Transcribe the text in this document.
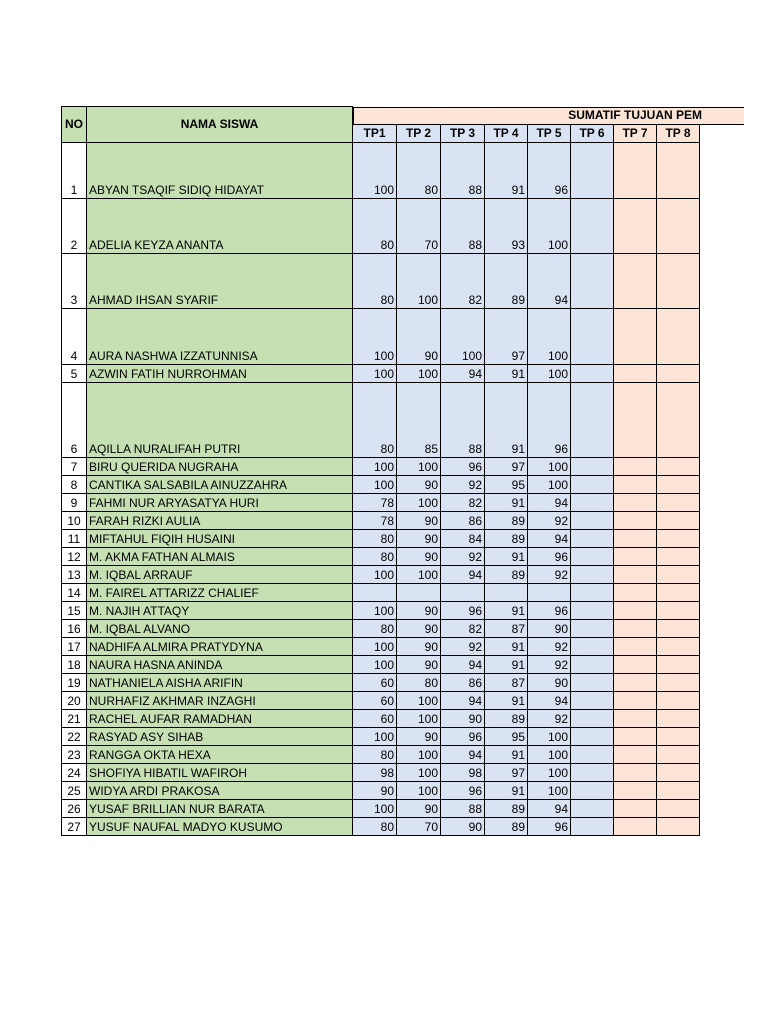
NO	NAMA SISWA
SUMATIF TUJUAN PEM
TP1	TP 2	TP 3	TP 4	TP 5	TP 6	TP 7	TP 8
1 ABYAN TSAQIF SIDIQ HIDAYAT	100	80	88	91	96
2 ADELIA KEYZA ANANTA	80	70	88	93	100
3 AHMAD IHSAN SYARIF	80	100	82	89	94
4 AURA NASHWA IZZATUNNISA	100	90	100	97	100
5 AZWIN FATIH NURROHMAN	100	100	94	91	100
6 AQILLA NURALIFAH PUTRI	80	85	88	91	96
7 BIRU QUERIDA NUGRAHA	100	100	96	97	100
8 CANTIKA SALSABILA AINUZZAHRA	100	90	92	95	100
9 FAHMI NUR ARYASATYA HURI	78	100	82	91	94
10 FARAH RIZKI AULIA	78	90	86	89	92
11 MIFTAHUL FIQIH HUSAINI	80	90	84	89	94
12 M. AKMA FATHAN ALMAIS	80	90	92	91	96
13 M. IQBAL ARRAUF	100	100	94	89	92
14 M. FAIREL ATTARIZZ CHALIEF
15 M. NAJIH ATTAQY	100	90	96	91	96
16 M. IQBAL ALVANO	80	90	82	87	90
17 NADHIFA ALMIRA PRATYDYNA	100	90	92	91	92
18 NAURA HASNA ANINDA	100	90	94	91	92
19 NATHANIELA AISHA ARIFIN	60	80	86	87	90
20 NURHAFIZ AKHMAR INZAGHI	60	100	94	91	94
21 RACHEL AUFAR RAMADHAN	60	100	90	89	92
22 RASYAD ASY SIHAB	100	90	96	95	100
23 RANGGA OKTA HEXA	80	100	94	91	100
24 SHOFIYA HIBATIL WAFIROH	98	100	98	97	100
25 WIDYA ARDI PRAKOSA	90	100	96	91	100
26 YUSAF BRILLIAN NUR BARATA	100	90	88	89	94
27 YUSUF NAUFAL MADYO KUSUMO	80	70	90	89	96
